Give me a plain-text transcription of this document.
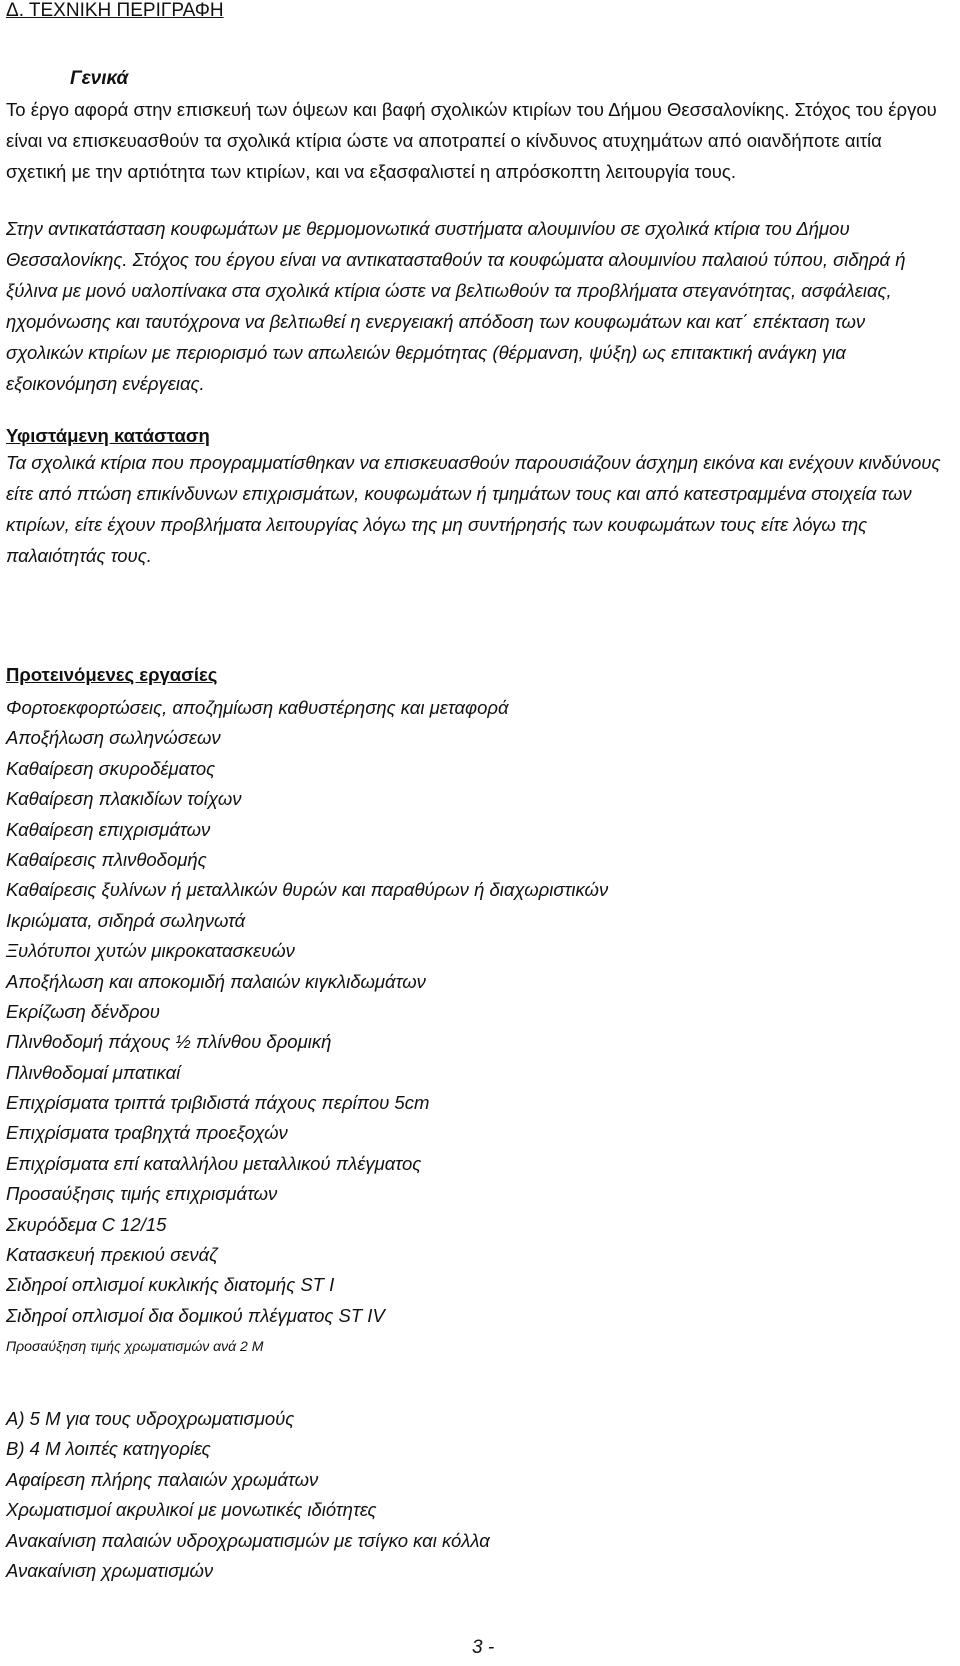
Δ. ΤΕΧΝΙΚΗ ΠΕΡΙΓΡΑΦΗ
Γενικά

Το έργο αφορά στην επισκευή των όψεων και βαφή σχολικών κτιρίων του Δήμου Θεσσαλονίκης. Στόχος του έργου είναι να επισκευασθούν τα σχολικά κτίρια ώστε να αποτραπεί ο κίνδυνος ατυχημάτων από οιανδήποτε αιτία σχετική με την αρτιότητα των κτιρίων, και να εξασφαλιστεί η απρόσκοπτη λειτουργία τους.

Στην αντικατάσταση κουφωμάτων με θερμομονωτικά συστήματα αλουμινίου σε σχολικά κτίρια του Δήμου Θεσσαλονίκης. Στόχος του έργου είναι να αντικατασταθούν τα κουφώματα αλουμινίου παλαιού τύπου, σιδηρά ή ξύλινα με μονό υαλοπίνακα στα σχολικά κτίρια ώστε να βελτιωθούν τα προβλήματα στεγανότητας, ασφάλειας, ηχομόνωσης και ταυτόχρονα να βελτιωθεί η ενεργειακή απόδοση των κουφωμάτων και κατ΄ επέκταση των σχολικών κτιρίων με περιορισμό των απωλειών θερμότητας (θέρμανση, ψύξη) ως επιτακτική ανάγκη για εξοικονόμηση ενέργειας.

Υφιστάμενη κατάσταση

Τα σχολικά κτίρια που προγραμματίσθηκαν να επισκευασθούν παρουσιάζουν άσχημη εικόνα και ενέχουν κινδύνους είτε από πτώση επικίνδυνων επιχρισμάτων, κουφωμάτων ή τμημάτων τους και από κατεστραμμένα στοιχεία των κτιρίων, είτε έχουν προβλήματα λειτουργίας λόγω της μη συντήρησής των κουφωμάτων τους είτε λόγω της παλαιότητάς τους.

Προτεινόμενες εργασίες
Φορτοεκφορτώσεις, αποζημίωση καθυστέρησης και μεταφορά
Αποξήλωση σωληνώσεων
Καθαίρεση σκυροδέματος
Καθαίρεση πλακιδίων τοίχων
Καθαίρεση επιχρισμάτων
Καθαίρεσις πλινθοδομής
Καθαίρεσις ξυλίνων ή μεταλλικών θυρών και παραθύρων ή διαχωριστικών
Ικριώματα, σιδηρά σωληνωτά
Ξυλότυποι χυτών μικροκατασκευών
Αποξήλωση και αποκομιδή παλαιών κιγκλιδωμάτων
Εκρίζωση δένδρου
Πλινθοδομή πάχους ½ πλίνθου δρομική
Πλινθοδομαί μπατικαί
Επιχρίσματα τριπτά τριβιδιστά πάχους περίπου 5cm
Επιχρίσματα τραβηχτά προεξοχών
Επιχρίσματα επί καταλλήλου μεταλλικού πλέγματος
Προσαύξησις τιμής επιχρισμάτων
Σκυρόδεμα C 12/15
Κατασκευή πρεκιού σενάζ
Σιδηροί οπλισμοί κυκλικής διατομής ST I
Σιδηροί οπλισμοί δια δομικού πλέγματος ST IV
Προσαύξηση τιμής χρωματισμών ανά 2 Μ
Α) 5 Μ για τους υδροχρωματισμούς
Β) 4 Μ λοιπές κατηγορίες
Αφαίρεση πλήρης παλαιών χρωμάτων
Χρωματισμοί ακρυλικοί με μονωτικές ιδιότητες
Ανακαίνιση παλαιών υδροχρωματισμών με τσίγκο και κόλλα
Ανακαίνιση χρωματισμών

3 -
